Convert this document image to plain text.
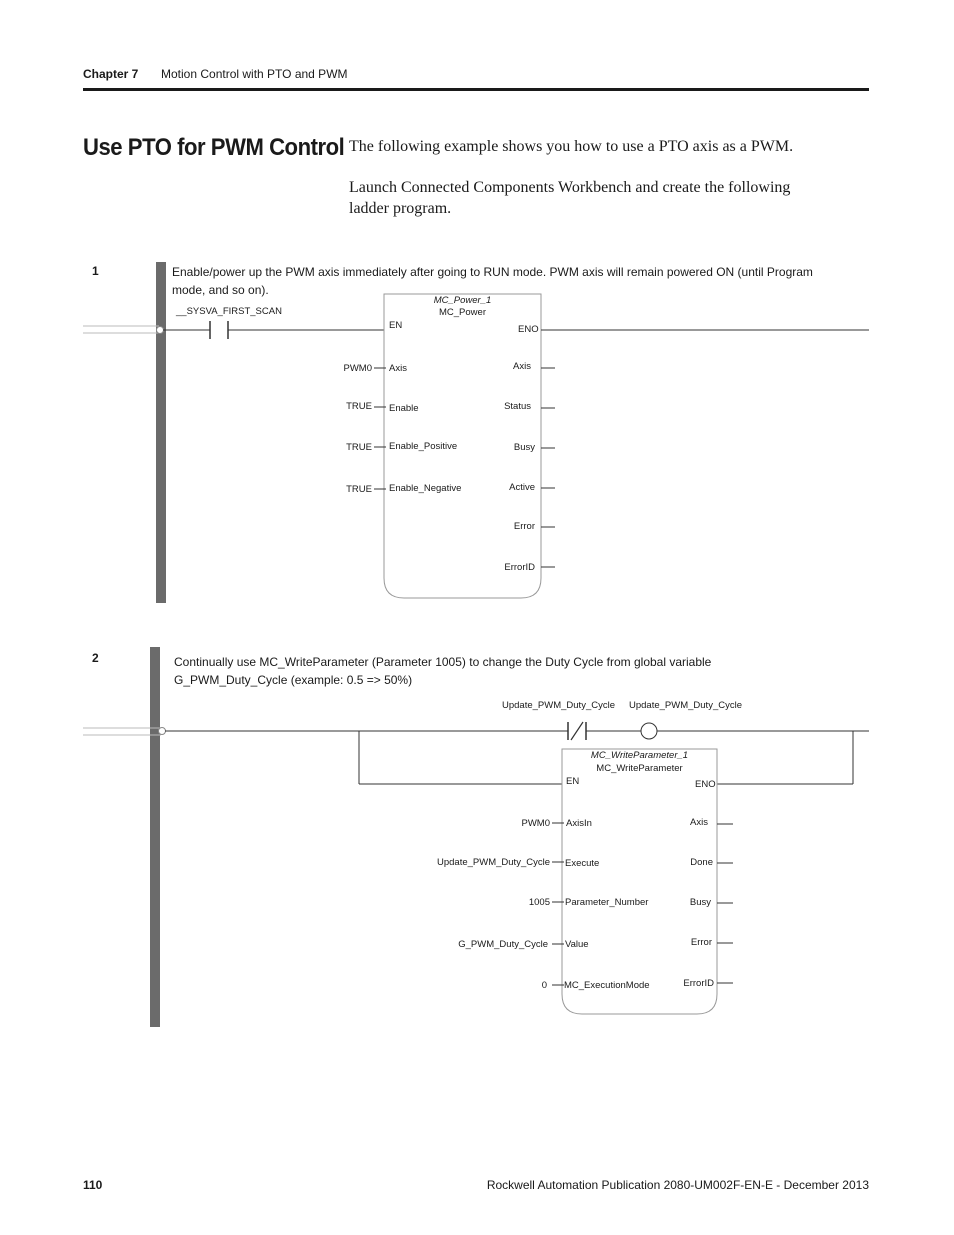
Chapter 7 Motion Control with PTO and PWM
Use PTO for PWM Control The following example shows you how to use a PTO axis as a PWM.
Launch Connected Components Workbench and create the following ladder program.
1	Enable/power up the PWM axis immediately after going to RUN mode. PWM axis will remain powered ON (until Program mode, and so on).
__SYSVA_FIRST_SCAN
MC_Power_1
MC_Power
EN	ENO
PWM0 Axis
TRUE Enable
TRUE Enable_Positive
TRUE Enable_Negative
Axis
Status
Busy
Active
Error
ErrorID
2	Continually use MC_WriteParameter (Parameter 1005) to change the Duty Cycle from global variable G_PWM_Duty_Cycle (example: 0.5 => 50%)
Update_PWM_Duty_Cycle Update_PWM_Duty_Cycle
MC_WriteParameter_1
MC_WriteParameter
EN	ENO
PWM0 AxisIn
Update_PWM_Duty_Cycle Execute
1005 Parameter_Number
G_PWM_Duty_Cycle Value
0 MC_ExecutionMode
Axis
Done
Busy
Error
ErrorID
110	Rockwell Automation Publication 2080-UM002F-EN-E - December 2013
